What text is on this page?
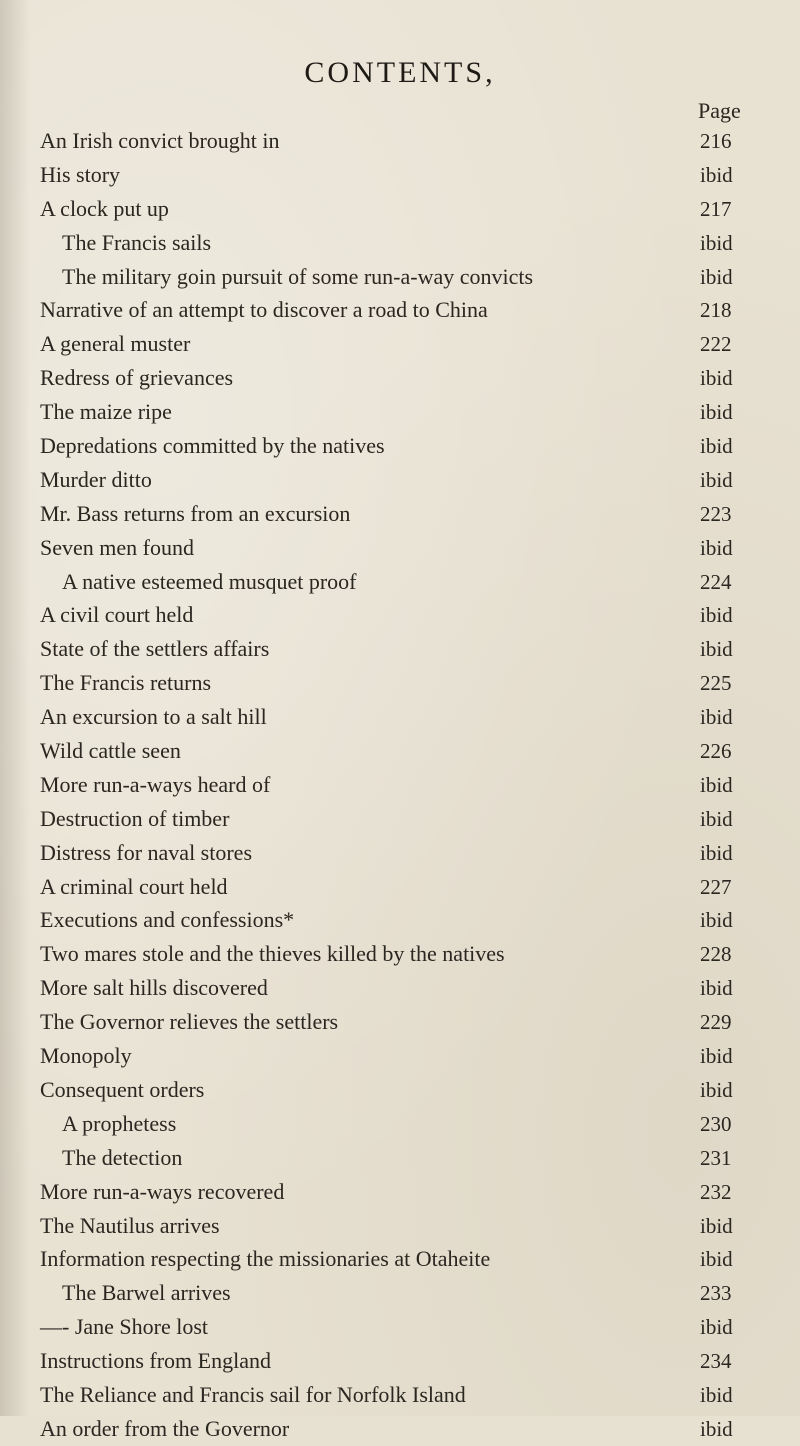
CONTENTS,
Page
An Irish convict brought in	216
His story	ibid
A clock put up	217
The Francis sails	ibid
The military goin pursuit of some run-a-way convicts	ibid
Narrative of an attempt to discover a road to China	218
A general muster	222
Redress of grievances	ibid
The maize ripe	ibid
Depredations committed by the natives	ibid
Murder ditto	ibid
Mr. Bass returns from an excursion	223
Seven men found	ibid
A native esteemed musquet proof	224
A civil court held	ibid
State of the settlers affairs	ibid
The Francis returns	225
An excursion to a salt hill	ibid
Wild cattle seen	226
More run-a-ways heard of	ibid
Destruction of timber	ibid
Distress for naval stores	ibid
A criminal court held	227
Executions and confessions*	ibid
Two mares stole and the thieves killed by the natives	228
More salt hills discovered	ibid
The Governor relieves the settlers	229
Monopoly	ibid
Consequent orders	ibid
A prophetess	230
The detection	231
More run-a-ways recovered	232
The Nautilus arrives	ibid
Information respecting the missionaries at Otaheite	ibid
The Barwel arrives	233
—- Jane Shore lost	ibid
Instructions from England	234
The Reliance and Francis sail for Norfolk Island	ibid
An order from the Governor	ibid
